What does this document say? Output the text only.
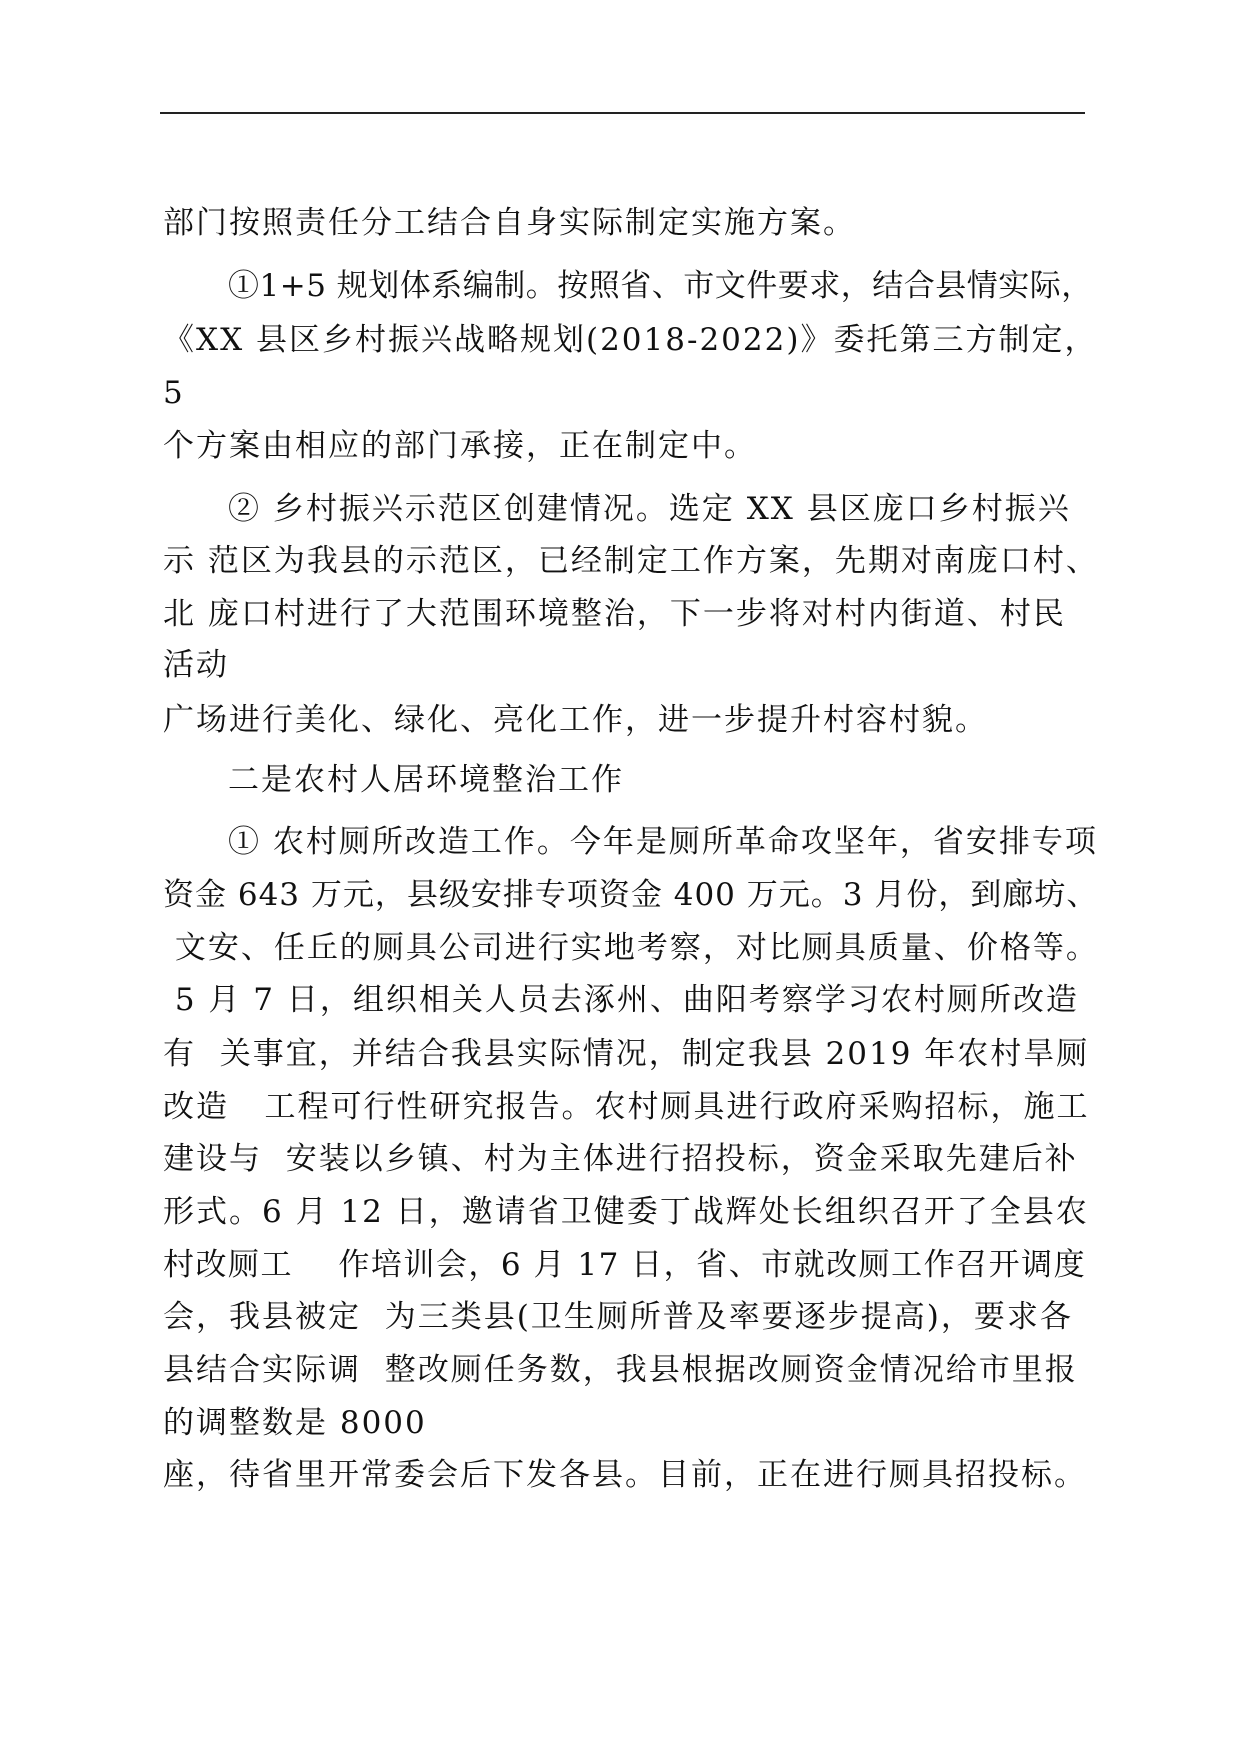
部门按照责任分工结合自身实际制定实施方案。
①1+5 规划体系编制。按照省、市文件要求，结合县情实际，
《XX 县区乡村振兴战略规划(2018-2022)》委托第三方制定，
5
个方案由相应的部门承接，正在制定中。
② 乡村振兴示范区创建情况。选定 XX 县区庞口乡村振兴
示 范区为我县的示范区，已经制定工作方案，先期对南庞口村、
北 庞口村进行了大范围环境整治，下一步将对村内街道、村民
活动
广场进行美化、绿化、亮化工作，进一步提升村容村貌。
二是农村人居环境整治工作
① 农村厕所改造工作。今年是厕所革命攻坚年，省安排专项
资金 643 万元，县级安排专项资金 400 万元。3 月份，到廊坊、
文安、任丘的厕具公司进行实地考察，对比厕具质量、价格等。
5 月 7 日，组织相关人员去涿州、曲阳考察学习农村厕所改造
有  关事宜，并结合我县实际情况，制定我县 2019 年农村旱厕
改造   工程可行性研究报告。农村厕具进行政府采购招标，施工
建设与  安装以乡镇、村为主体进行招投标，资金采取先建后补
形式。6 月 12 日，邀请省卫健委丁战辉处长组织召开了全县农
村改厕工    作培训会，6 月 17 日，省、市就改厕工作召开调度
会，我县被定  为三类县(卫生厕所普及率要逐步提高)，要求各
县结合实际调  整改厕任务数，我县根据改厕资金情况给市里报
的调整数是 8000
座，待省里开常委会后下发各县。目前，正在进行厕具招投标。
